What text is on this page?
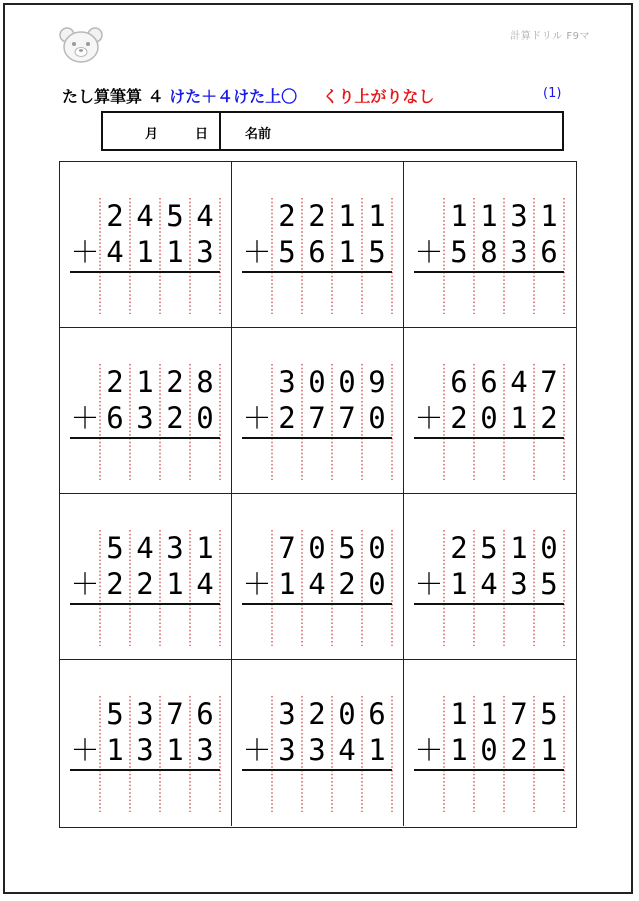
計算ドリル F9マ
たし算筆算 ４ けた＋４けた上〇 くり上がりなし	(1)
月	日	名前
2 4 5 4
＋ 4 1 1 3
2 2 1 1
＋ 5 6 1 5
1 1 3 1
＋ 5 8 3 6
2 1 2 8
＋ 6 3 2 0
3 0 0 9
＋ 2 7 7 0
6 6 4 7
＋ 2 0 1 2
5 4 3 1
＋ 2 2 1 4
7 0 5 0
＋ 1 4 2 0
2 5 1 0
＋ 1 4 3 5
5 3 7 6
＋ 1 3 1 3
3 2 0 6
＋ 3 3 4 1
1 1 7 5
＋ 1 0 2 1
